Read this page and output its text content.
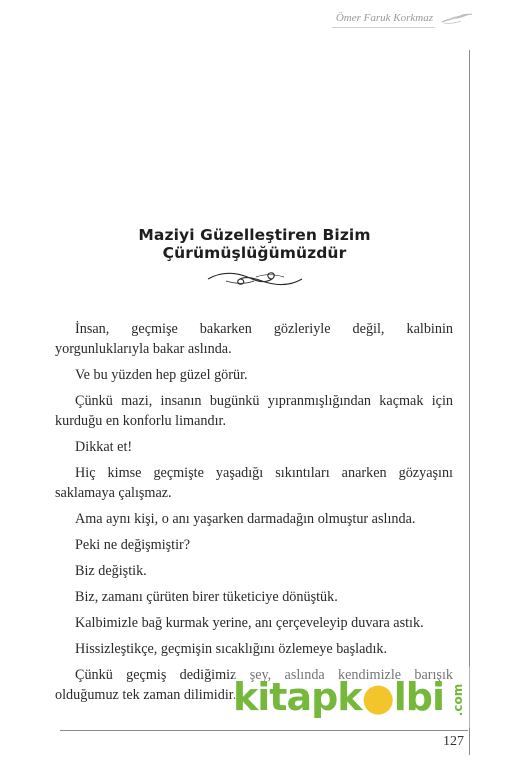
Ömer Faruk Korkmaz
Maziyi Güzelleştiren Bizim
Çürümüşlüğümüzdür

İnsan, geçmişe bakarken gözleriyle değil, kalbinin yorgunluklarıyla bakar aslında.

Ve bu yüzden hep güzel görür.

Çünkü mazi, insanın bugünkü yıpranmışlığından kaçmak için kurduğu en konforlu limandır.

Dikkat et!

Hiç kimse geçmişte yaşadığı sıkıntıları anarken gözyaşını saklamaya çalışmaz.

Ama aynı kişi, o anı yaşarken darmadağın olmuştur aslında.

Peki ne değişmiştir?

Biz değiştik.

Biz, zamanı çürüten birer tüketiciye dönüştük.

Kalbimizle bağ kurmak yerine, anı çerçeveleyip duvara astık.

Hissizleştikçe, geçmişin sıcaklığını özlemeye başladık.

Çünkü geçmiş dediğimiz şey, aslında kendimizle barışık olduğumuz tek zaman dilimidir.

kitapk●lbi .com
127
